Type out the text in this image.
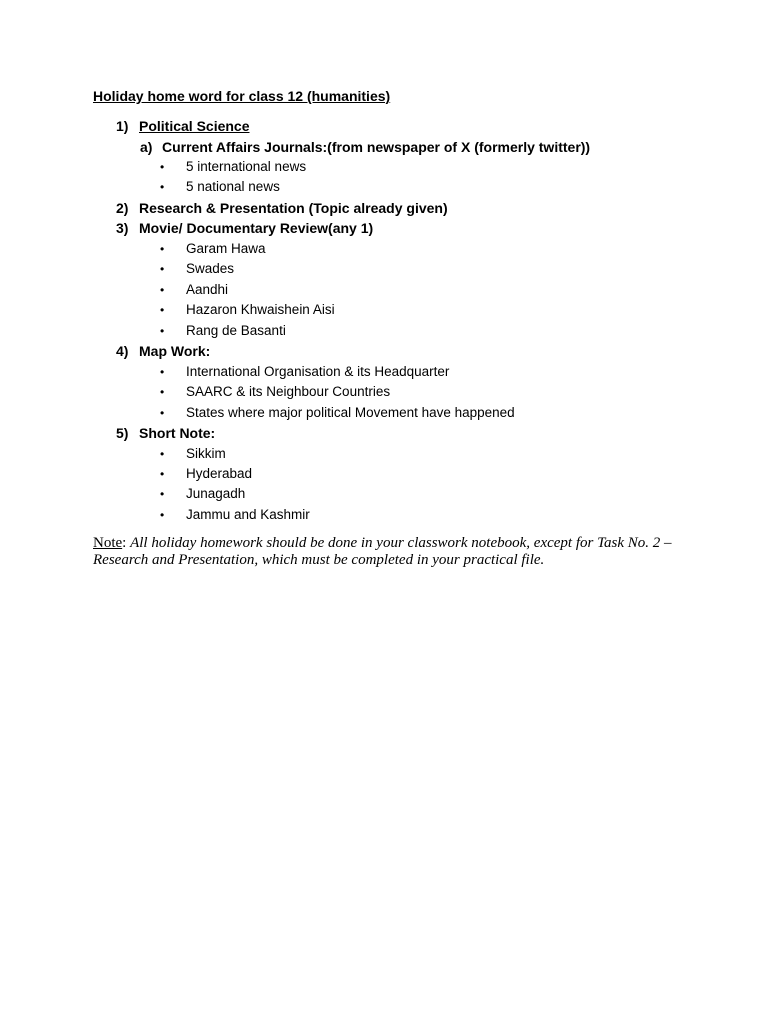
Holiday home word for class 12 (humanities)
1) Political Science
a) Current Affairs Journals:(from newspaper of X (formerly twitter))
• 5 international news
• 5 national news
2) Research & Presentation (Topic already given)
3) Movie/ Documentary Review(any 1)
• Garam Hawa
• Swades
• Aandhi
• Hazaron Khwaishein Aisi
• Rang de Basanti
4) Map Work:
• International Organisation & its Headquarter
• SAARC & its Neighbour Countries
• States where major political Movement have happened
5) Short Note:
• Sikkim
• Hyderabad
• Junagadh
• Jammu and Kashmir
Note: All holiday homework should be done in your classwork notebook, except for Task No. 2 – Research and Presentation, which must be completed in your practical file.
